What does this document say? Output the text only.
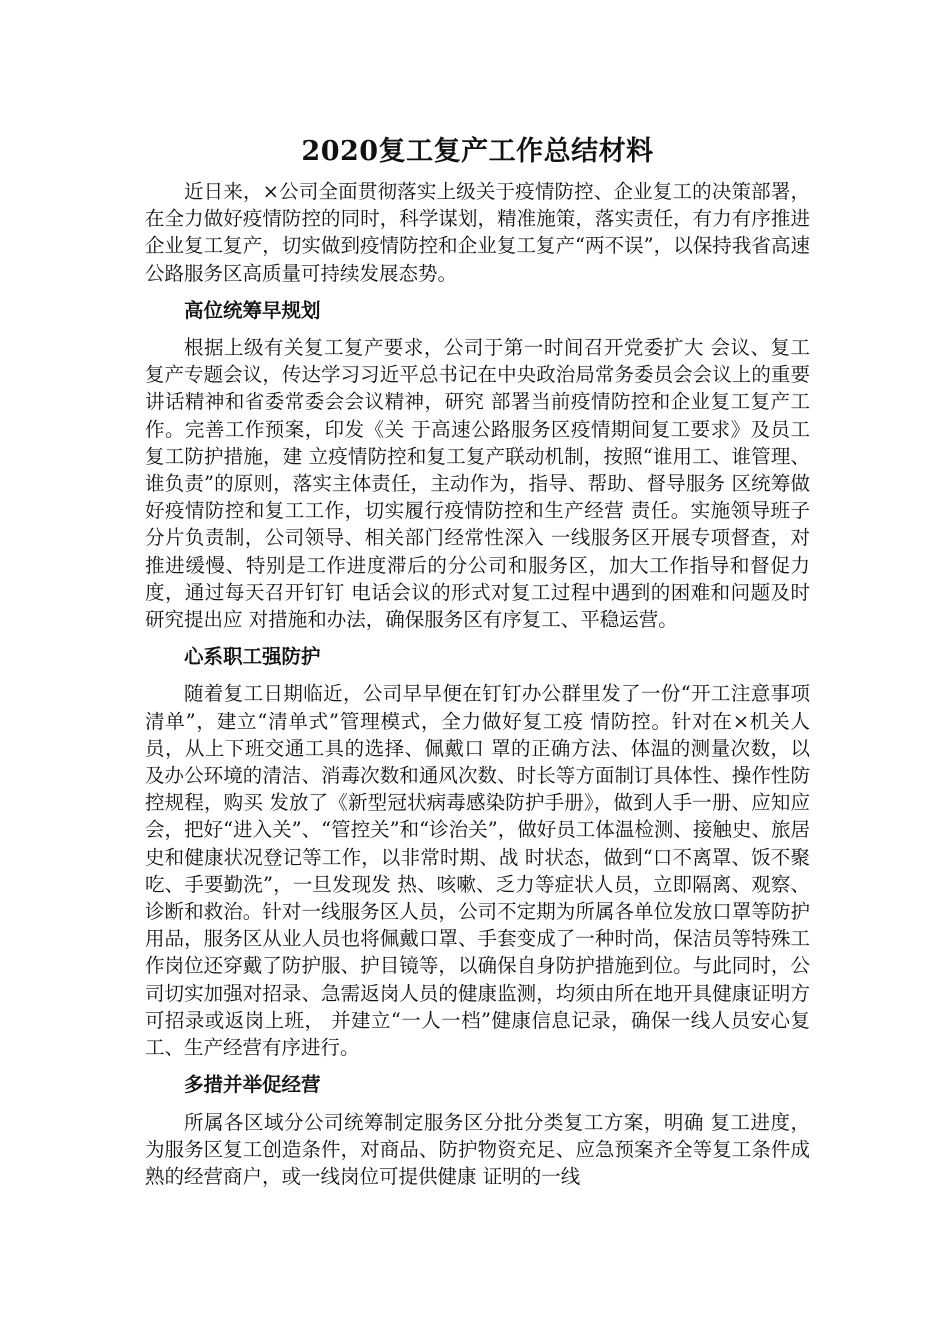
2020复工复产工作总结材料

近日来，×公司全面贯彻落实上级关于疫情防控、企业复工的决策部署，在全力做好疫情防控的同时，科学谋划，精准施策，落实责任，有力有序推进企业复工复产，切实做到疫情防控和企业复工复产“两不误”，以保持我省高速公路服务区高质量可持续发展态势。

高位统筹早规划

根据上级有关复工复产要求，公司于第一时间召开党委扩大 会议、复工复产专题会议，传达学习习近平总书记在中央政治局常务委员会会议上的重要讲话精神和省委常委会会议精神，研究 部署当前疫情防控和企业复工复产工作。完善工作预案，印发《关 于高速公路服务区疫情期间复工要求》及员工复工防护措施，建 立疫情防控和复工复产联动机制，按照“谁用工、谁管理、谁负责”的原则，落实主体责任，主动作为，指导、帮助、督导服务 区统筹做好疫情防控和复工工作，切实履行疫情防控和生产经营 责任。实施领导班子分片负责制，公司领导、相关部门经常性深入 一线服务区开展专项督查，对推进缓慢、特别是工作进度滞后的分公司和服务区，加大工作指导和督促力度，通过每天召开钉钉 电话会议的形式对复工过程中遇到的困难和问题及时研究提出应 对措施和办法，确保服务区有序复工、平稳运营。

心系职工强防护

随着复工日期临近，公司早早便在钉钉办公群里发了一份“开工注意事项清单”，建立“清单式”管理模式，全力做好复工疫 情防控。针对在×机关人员，从上下班交通工具的选择、佩戴口 罩的正确方法、体温的测量次数，以及办公环境的清洁、消毒次数和通风次数、时长等方面制订具体性、操作性防控规程，购买 发放了《新型冠状病毒感染防护手册》，做到人手一册、应知应 会，把好“进入关”、“管控关”和“诊治关”，做好员工体温检测、接触史、旅居史和健康状况登记等工作，以非常时期、战 时状态，做到“口不离罩、饭不聚吃、手要勤洗”，一旦发现发 热、咳嗽、乏力等症状人员，立即隔离、观察、诊断和救治。针对一线服务区人员，公司不定期为所属各单位发放口罩等防护用品，服务区从业人员也将佩戴口罩、手套变成了一种时尚，保洁员等特殊工作岗位还穿戴了防护服、护目镜等，以确保自身防护措施到位。与此同时，公司切实加强对招录、急需返岗人员的健康监测，均须由所在地开具健康证明方可招录或返岗上班， 并建立“一人一档”健康信息记录，确保一线人员安心复工、生产经营有序进行。

多措并举促经营

所属各区域分公司统筹制定服务区分批分类复工方案，明确 复工进度，为服务区复工创造条件，对商品、防护物资充足、应急预案齐全等复工条件成熟的经营商户，或一线岗位可提供健康 证明的一线
